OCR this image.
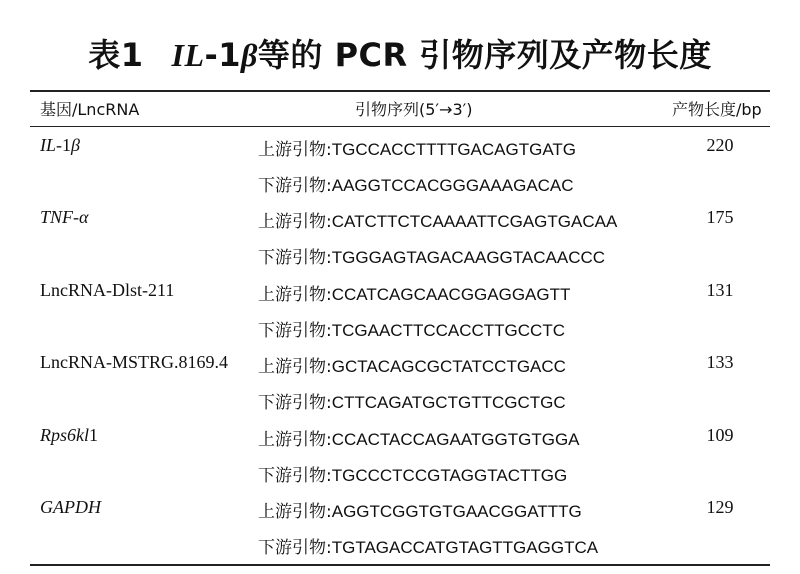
表1 IL-1β等的 PCR 引物序列及产物长度
基因/LncRNA	引物序列(5′→3′)	产物长度/bp
IL-1β	上游引物:TGCCACCTTTTGACAGTGATG	220
下游引物:AAGGTCCACGGGAAAGACAC
TNF-α	上游引物:CATCTTCTCAAAATTCGAGTGACAA	175
下游引物:TGGGAGTAGACAAGGTACAACCC
LncRNA-Dlst-211	上游引物:CCATCAGCAACGGAGGAGTT	131
下游引物:TCGAACTTCCACCTTGCCTC
LncRNA-MSTRG.8169.4 上游引物:GCTACAGCGCTATCCTGACC	133
下游引物:CTTCAGATGCTGTTCGCTGC
Rps6kl1	上游引物:CCACTACCAGAATGGTGTGGA	109
下游引物:TGCCCTCCGTAGGTACTTGG
GAPDH	上游引物:AGGTCGGTGTGAACGGATTTG	129
下游引物:TGTAGACCATGTAGTTGAGGTCA
